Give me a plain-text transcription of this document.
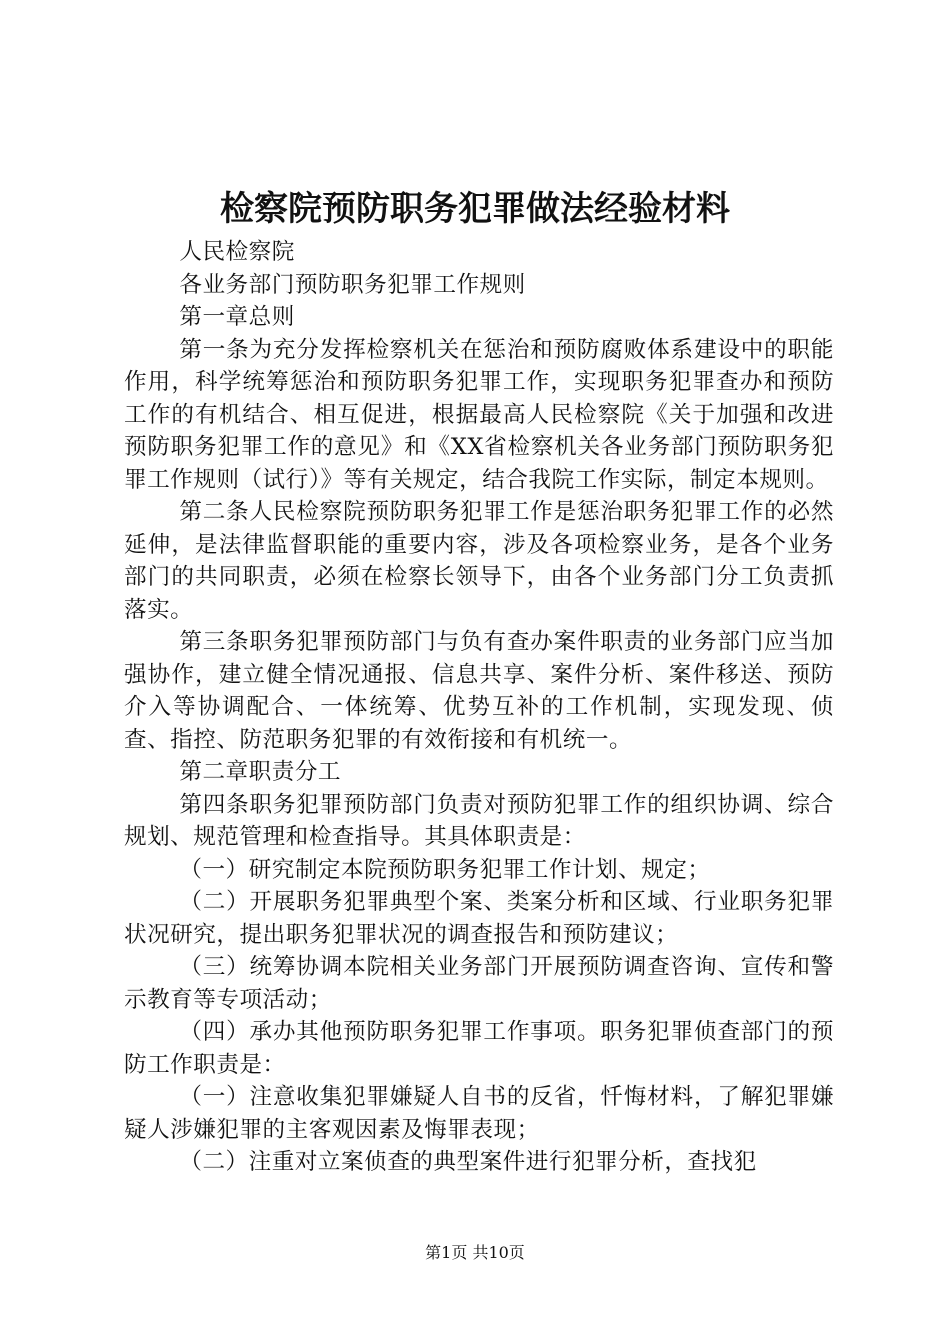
检察院预防职务犯罪做法经验材料

人民检察院

各业务部门预防职务犯罪工作规则

第一章总则

第一条为充分发挥检察机关在惩治和预防腐败体系建设中的职能作用，科学统筹惩治和预防职务犯罪工作，实现职务犯罪查办和预防工作的有机结合、相互促进，根据最高人民检察院《关于加强和改进预防职务犯罪工作的意见》和《XX省检察机关各业务部门预防职务犯罪工作规则（试行）》等有关规定，结合我院工作实际，制定本规则。

第二条人民检察院预防职务犯罪工作是惩治职务犯罪工作的必然延伸，是法律监督职能的重要内容，涉及各项检察业务，是各个业务部门的共同职责，必须在检察长领导下，由各个业务部门分工负责抓落实。

第三条职务犯罪预防部门与负有查办案件职责的业务部门应当加强协作，建立健全情况通报、信息共享、案件分析、案件移送、预防介入等协调配合、一体统筹、优势互补的工作机制，实现发现、侦查、指控、防范职务犯罪的有效衔接和有机统一。

第二章职责分工

第四条职务犯罪预防部门负责对预防犯罪工作的组织协调、综合规划、规范管理和检查指导。其具体职责是：

（一）研究制定本院预防职务犯罪工作计划、规定；

（二）开展职务犯罪典型个案、类案分析和区域、行业职务犯罪状况研究，提出职务犯罪状况的调查报告和预防建议；

（三）统筹协调本院相关业务部门开展预防调查咨询、宣传和警示教育等专项活动；

（四）承办其他预防职务犯罪工作事项。职务犯罪侦查部门的预防工作职责是：

（一）注意收集犯罪嫌疑人自书的反省，忏悔材料，了解犯罪嫌疑人涉嫌犯罪的主客观因素及悔罪表现；

（二）注重对立案侦查的典型案件进行犯罪分析，查找犯

第1页 共10页
